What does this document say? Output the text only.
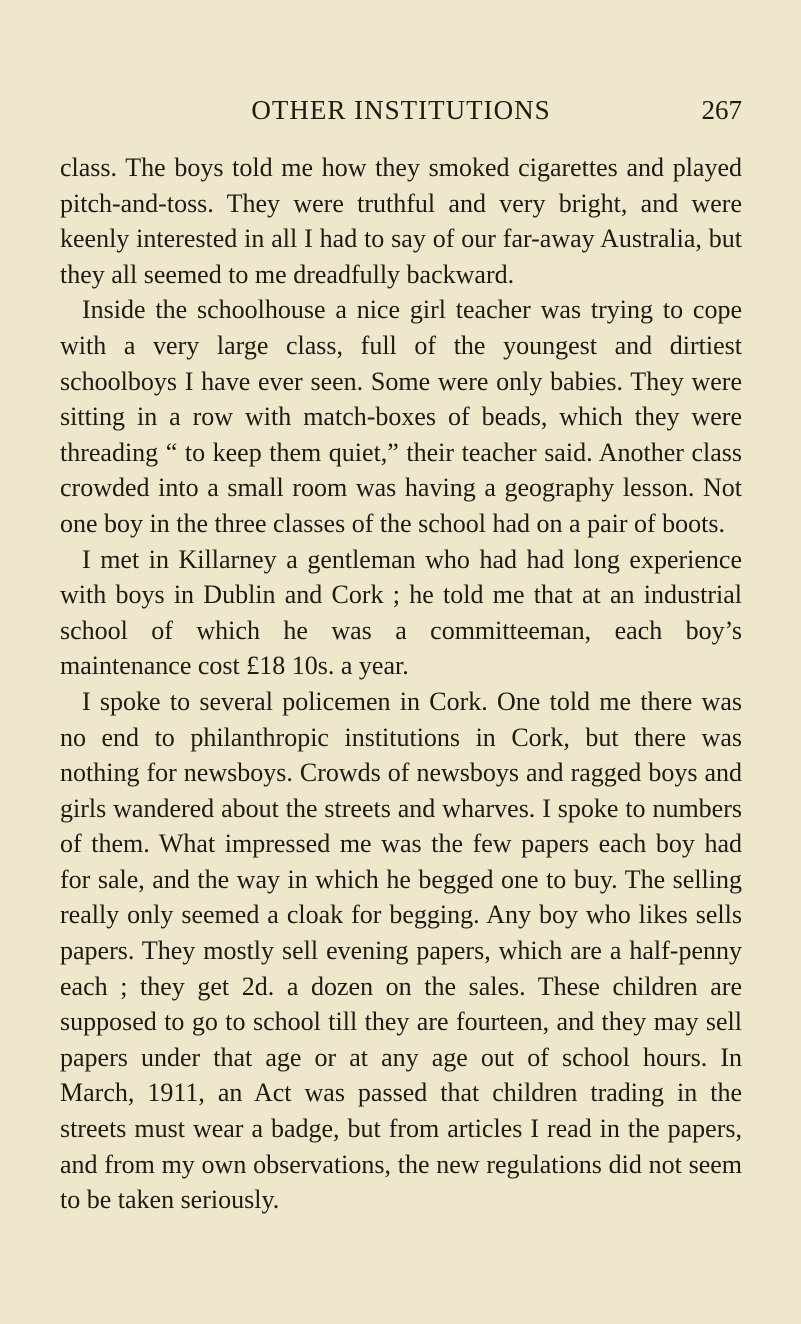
OTHER INSTITUTIONS	267

class. The boys told me how they smoked cigarettes and played pitch-and-toss. They were truthful and very bright, and were keenly interested in all I had to say of our far-away Australia, but they all seemed to me dreadfully backward.

Inside the schoolhouse a nice girl teacher was trying to cope with a very large class, full of the youngest and dirtiest schoolboys I have ever seen. Some were only babies. They were sitting in a row with match-boxes of beads, which they were threading “ to keep them quiet,” their teacher said. Another class crowded into a small room was having a geography lesson. Not one boy in the three classes of the school had on a pair of boots.

I met in Killarney a gentleman who had had long experience with boys in Dublin and Cork ; he told me that at an industrial school of which he was a committeeman, each boy’s maintenance cost £18 10s. a year.

I spoke to several policemen in Cork. One told me there was no end to philanthropic institutions in Cork, but there was nothing for newsboys. Crowds of newsboys and ragged boys and girls wandered about the streets and wharves. I spoke to numbers of them. What impressed me was the few papers each boy had for sale, and the way in which he begged one to buy. The selling really only seemed a cloak for begging. Any boy who likes sells papers. They mostly sell evening papers, which are a half-penny each ; they get 2d. a dozen on the sales. These children are supposed to go to school till they are fourteen, and they may sell papers under that age or at any age out of school hours. In March, 1911, an Act was passed that children trading in the streets must wear a badge, but from articles I read in the papers, and from my own observations, the new regulations did not seem to be taken seriously.
